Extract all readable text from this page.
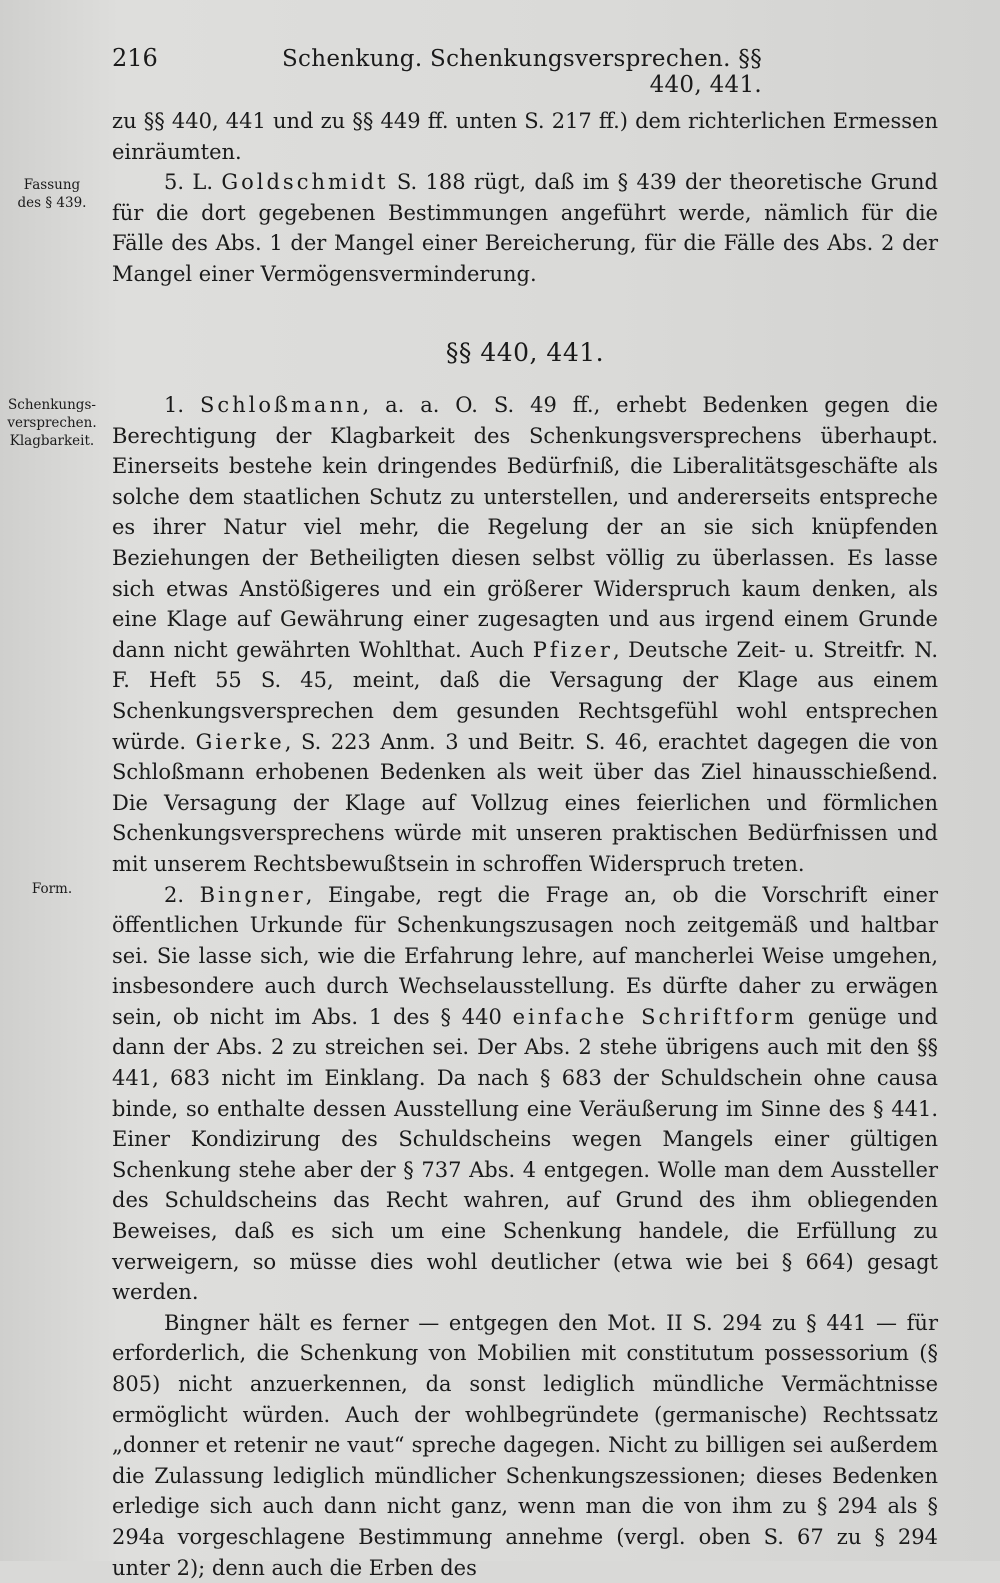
216	Schenkung. Schenkungsversprechen. §§ 440, 441.
Fassung
des § 439.
Schenkungs-
versprechen.
Klagbarkeit.
Form.

zu §§ 440, 441 und zu §§ 449 ff. unten S. 217 ff.) dem richterlichen Ermessen einräumten.

5. L. Goldschmidt S. 188 rügt, daß im § 439 der theoretische Grund für die dort gegebenen Bestimmungen angeführt werde, nämlich für die Fälle des Abs. 1 der Mangel einer Bereicherung, für die Fälle des Abs. 2 der Mangel einer Vermögensverminderung.

§§ 440, 441.

1. Schloßmann, a. a. O. S. 49 ff., erhebt Bedenken gegen die Berechtigung der Klagbarkeit des Schenkungsversprechens überhaupt. Einerseits bestehe kein dringendes Bedürfniß, die Liberalitätsgeschäfte als solche dem staatlichen Schutz zu unterstellen, und andererseits entspreche es ihrer Natur viel mehr, die Regelung der an sie sich knüpfenden Beziehungen der Betheiligten diesen selbst völlig zu überlassen. Es lasse sich etwas Anstößigeres und ein größerer Widerspruch kaum denken, als eine Klage auf Gewährung einer zugesagten und aus irgend einem Grunde dann nicht gewährten Wohlthat. Auch Pfizer, Deutsche Zeit- u. Streitfr. N. F. Heft 55 S. 45, meint, daß die Versagung der Klage aus einem Schenkungsversprechen dem gesunden Rechtsgefühl wohl entsprechen würde. Gierke, S. 223 Anm. 3 und Beitr. S. 46, erachtet dagegen die von Schloßmann erhobenen Bedenken als weit über das Ziel hinausschießend. Die Versagung der Klage auf Vollzug eines feierlichen und förmlichen Schenkungsversprechens würde mit unseren praktischen Bedürfnissen und mit unserem Rechtsbewußtsein in schroffen Widerspruch treten.

2. Bingner, Eingabe, regt die Frage an, ob die Vorschrift einer öffentlichen Urkunde für Schenkungszusagen noch zeitgemäß und haltbar sei. Sie lasse sich, wie die Erfahrung lehre, auf mancherlei Weise umgehen, insbesondere auch durch Wechselausstellung. Es dürfte daher zu erwägen sein, ob nicht im Abs. 1 des § 440 einfache Schriftform genüge und dann der Abs. 2 zu streichen sei. Der Abs. 2 stehe übrigens auch mit den §§ 441, 683 nicht im Einklang. Da nach § 683 der Schuldschein ohne causa binde, so enthalte dessen Ausstellung eine Veräußerung im Sinne des § 441. Einer Kondizirung des Schuldscheins wegen Mangels einer gültigen Schenkung stehe aber der § 737 Abs. 4 entgegen. Wolle man dem Aussteller des Schuldscheins das Recht wahren, auf Grund des ihm obliegenden Beweises, daß es sich um eine Schenkung handele, die Erfüllung zu verweigern, so müsse dies wohl deutlicher (etwa wie bei § 664) gesagt werden.

Bingner hält es ferner — entgegen den Mot. II S. 294 zu § 441 — für erforderlich, die Schenkung von Mobilien mit constitutum possessorium (§ 805) nicht anzuerkennen, da sonst lediglich mündliche Vermächtnisse ermöglicht würden. Auch der wohlbegründete (germanische) Rechtssatz „donner et retenir ne vaut“ spreche dagegen. Nicht zu billigen sei außerdem die Zulassung lediglich mündlicher Schenkungszessionen; dieses Bedenken erledige sich auch dann nicht ganz, wenn man die von ihm zu § 294 als § 294a vorgeschlagene Bestimmung annehme (vergl. oben S. 67 zu § 294 unter 2); denn auch die Erben des
